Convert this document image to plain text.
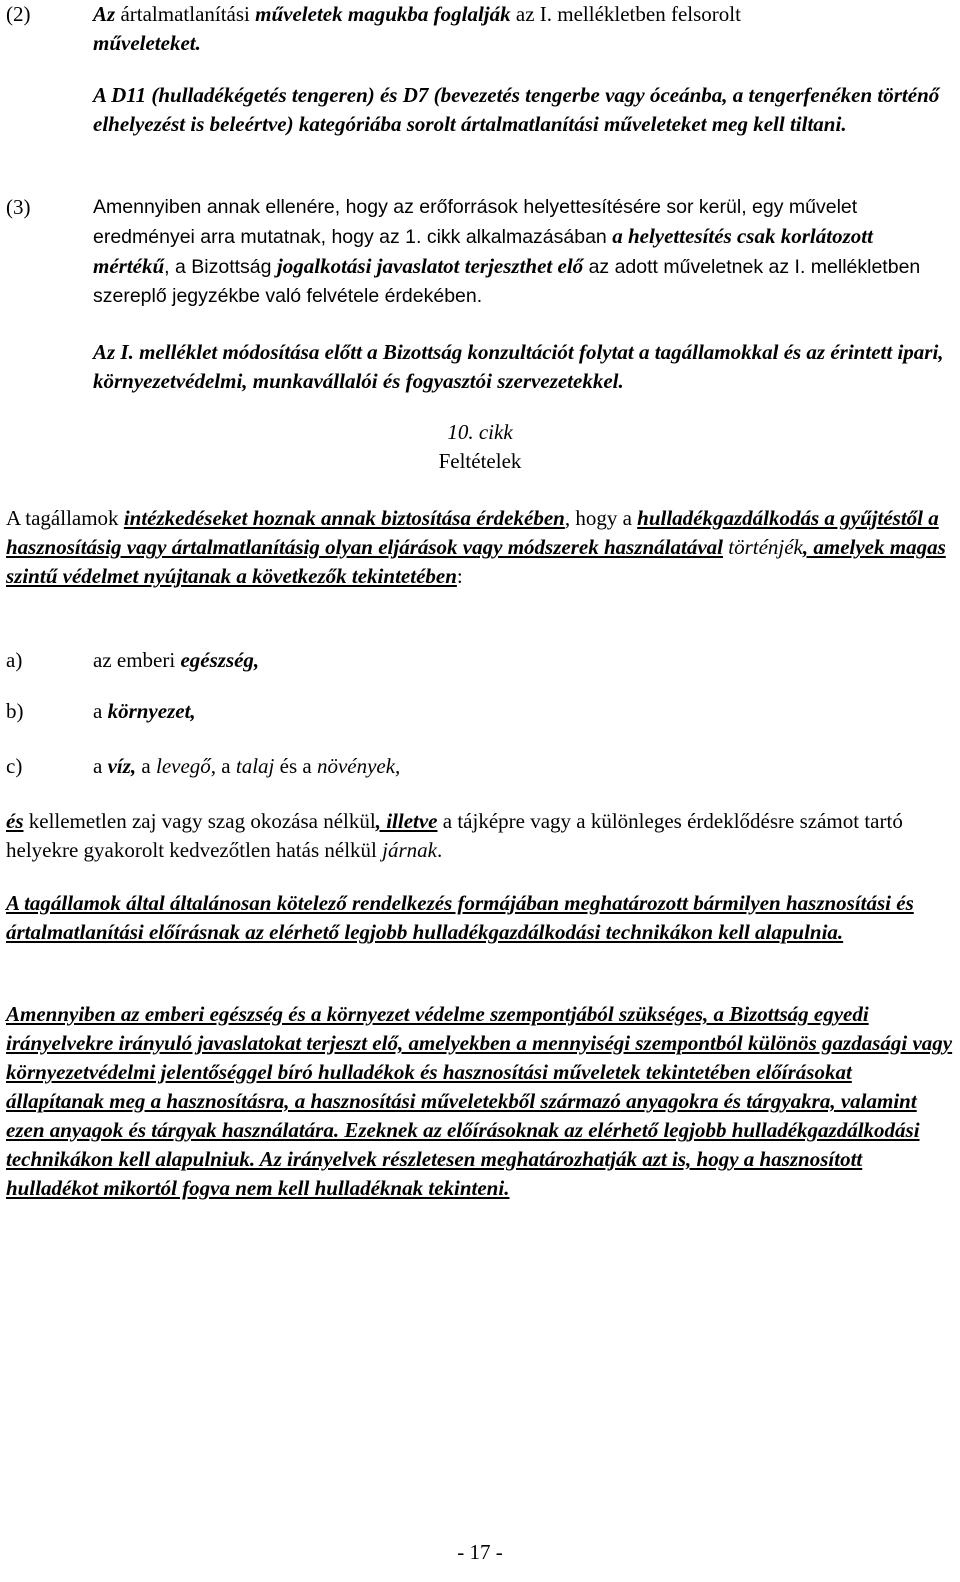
(2)	Az ártalmatlanítási műveletek magukba foglalják az I. mellékletben felsorolt

műveleteket.

A D11 (hulladékégetés tengeren) és D7 (bevezetés tengerbe vagy óceánba, a tengerfenéken történő elhelyezést is beleértve) kategóriába sorolt ártalmatlanítási műveleteket meg kell tiltani.

(3)	Amennyiben annak ellenére, hogy az erőforrások helyettesítésére sor kerül, egy művelet eredményei arra mutatnak, hogy az 1. cikk alkalmazásában a helyettesítés csak korlátozott mértékű, a Bizottság jogalkotási javaslatot terjeszthet elő az adott műveletnek az I. mellékletben szereplő jegyzékbe való felvétele érdekében.

Az I. melléklet módosítása előtt a Bizottság konzultációt folytat a tagállamokkal és az érintett ipari, környezetvédelmi, munkavállalói és fogyasztói szervezetekkel.

10. cikk

Feltételek

A tagállamok intézkedéseket hoznak annak biztosítása érdekében, hogy a hulladékgazdálkodás a gyűjtéstől a hasznosításig vagy ártalmatlanításig olyan eljárások vagy módszerek használatával történjék, amelyek magas szintű védelmet nyújtanak a következők tekintetében:

a)	az emberi egészség,

b)	a környezet,

c)	a víz, a levegő, a talaj és a növények,

és kellemetlen zaj vagy szag okozása nélkül, illetve a tájképre vagy a különleges érdeklődésre számot tartó helyekre gyakorolt kedvezőtlen hatás nélkül járnak.

A tagállamok által általánosan kötelező rendelkezés formájában meghatározott bármilyen hasznosítási és ártalmatlanítási előírásnak az elérhető legjobb hulladékgazdálkodási technikákon kell alapulnia.

Amennyiben az emberi egészség és a környezet védelme szempontjából szükséges, a Bizottság egyedi irányelvekre irányuló javaslatokat terjeszt elő, amelyekben a mennyiségi szempontból különös gazdasági vagy környezetvédelmi jelentőséggel bíró hulladékok és hasznosítási műveletek tekintetében előírásokat állapítanak meg a hasznosításra, a hasznosítási műveletekből származó anyagokra és tárgyakra, valamint ezen anyagok és tárgyak használatára. Ezeknek az előírásoknak az elérhető legjobb hulladékgazdálkodási technikákon kell alapulniuk. Az irányelvek részletesen meghatározhatják azt is, hogy a hasznosított hulladékot mikortól fogva nem kell hulladéknak tekinteni.

- 17 -
